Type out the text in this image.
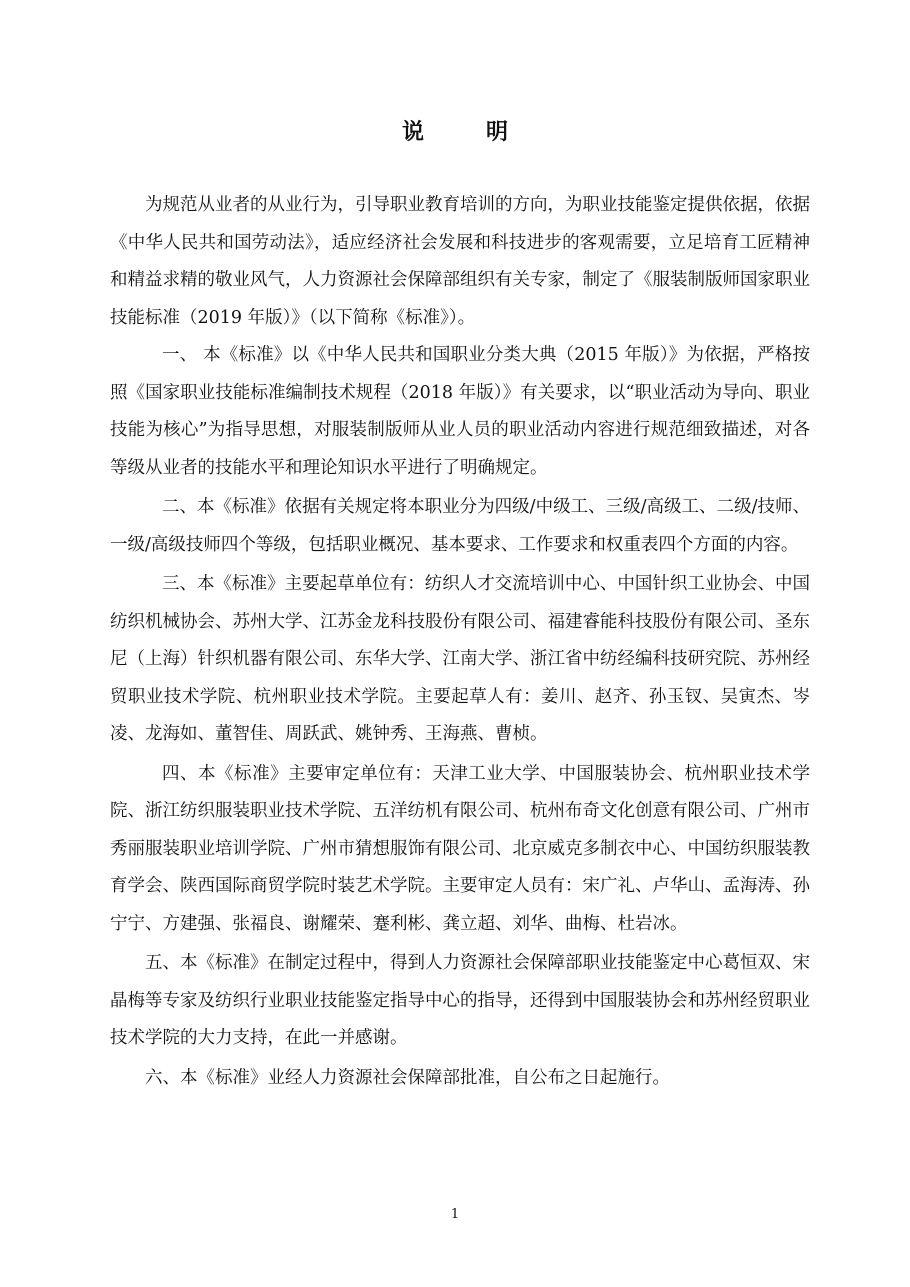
说　明

为规范从业者的从业行为，引导职业教育培训的方向，为职业技能鉴定提供依据，依据《中华人民共和国劳动法》，适应经济社会发展和科技进步的客观需要，立足培育工匠精神和精益求精的敬业风气，人力资源社会保障部组织有关专家，制定了《服装制版师国家职业技能标准（2019 年版）》（以下简称《标准》）。

一、 本《标准》以《中华人民共和国职业分类大典（2015 年版）》为依据，严格按照《国家职业技能标准编制技术规程（2018 年版）》有关要求，以“职业活动为导向、职业技能为核心”为指导思想，对服装制版师从业人员的职业活动内容进行规范细致描述，对各等级从业者的技能水平和理论知识水平进行了明确规定。

二、本《标准》依据有关规定将本职业分为四级/中级工、三级/高级工、二级/技师、一级/高级技师四个等级，包括职业概况、基本要求、工作要求和权重表四个方面的内容。

三、本《标准》主要起草单位有：纺织人才交流培训中心、中国针织工业协会、中国纺织机械协会、苏州大学、江苏金龙科技股份有限公司、福建睿能科技股份有限公司、圣东尼（上海）针织机器有限公司、东华大学、江南大学、浙江省中纺经编科技研究院、苏州经贸职业技术学院、杭州职业技术学院。主要起草人有：姜川、赵齐、孙玉钗、吴寅杰、岑凌、龙海如、董智佳、周跃武、姚钟秀、王海燕、曹桢。

四、本《标准》主要审定单位有：天津工业大学、中国服装协会、杭州职业技术学院、浙江纺织服装职业技术学院、五洋纺机有限公司、杭州布奇文化创意有限公司、广州市秀丽服装职业培训学院、广州市猜想服饰有限公司、北京威克多制衣中心、中国纺织服装教育学会、陕西国际商贸学院时装艺术学院。主要审定人员有：宋广礼、卢华山、孟海涛、孙宁宁、方建强、张福良、谢耀荣、蹇利彬、龚立超、刘华、曲梅、杜岩冰。

五、本《标准》在制定过程中，得到人力资源社会保障部职业技能鉴定中心葛恒双、宋晶梅等专家及纺织行业职业技能鉴定指导中心的指导，还得到中国服装协会和苏州经贸职业技术学院的大力支持，在此一并感谢。

六、本《标准》业经人力资源社会保障部批准，自公布之日起施行。

1
